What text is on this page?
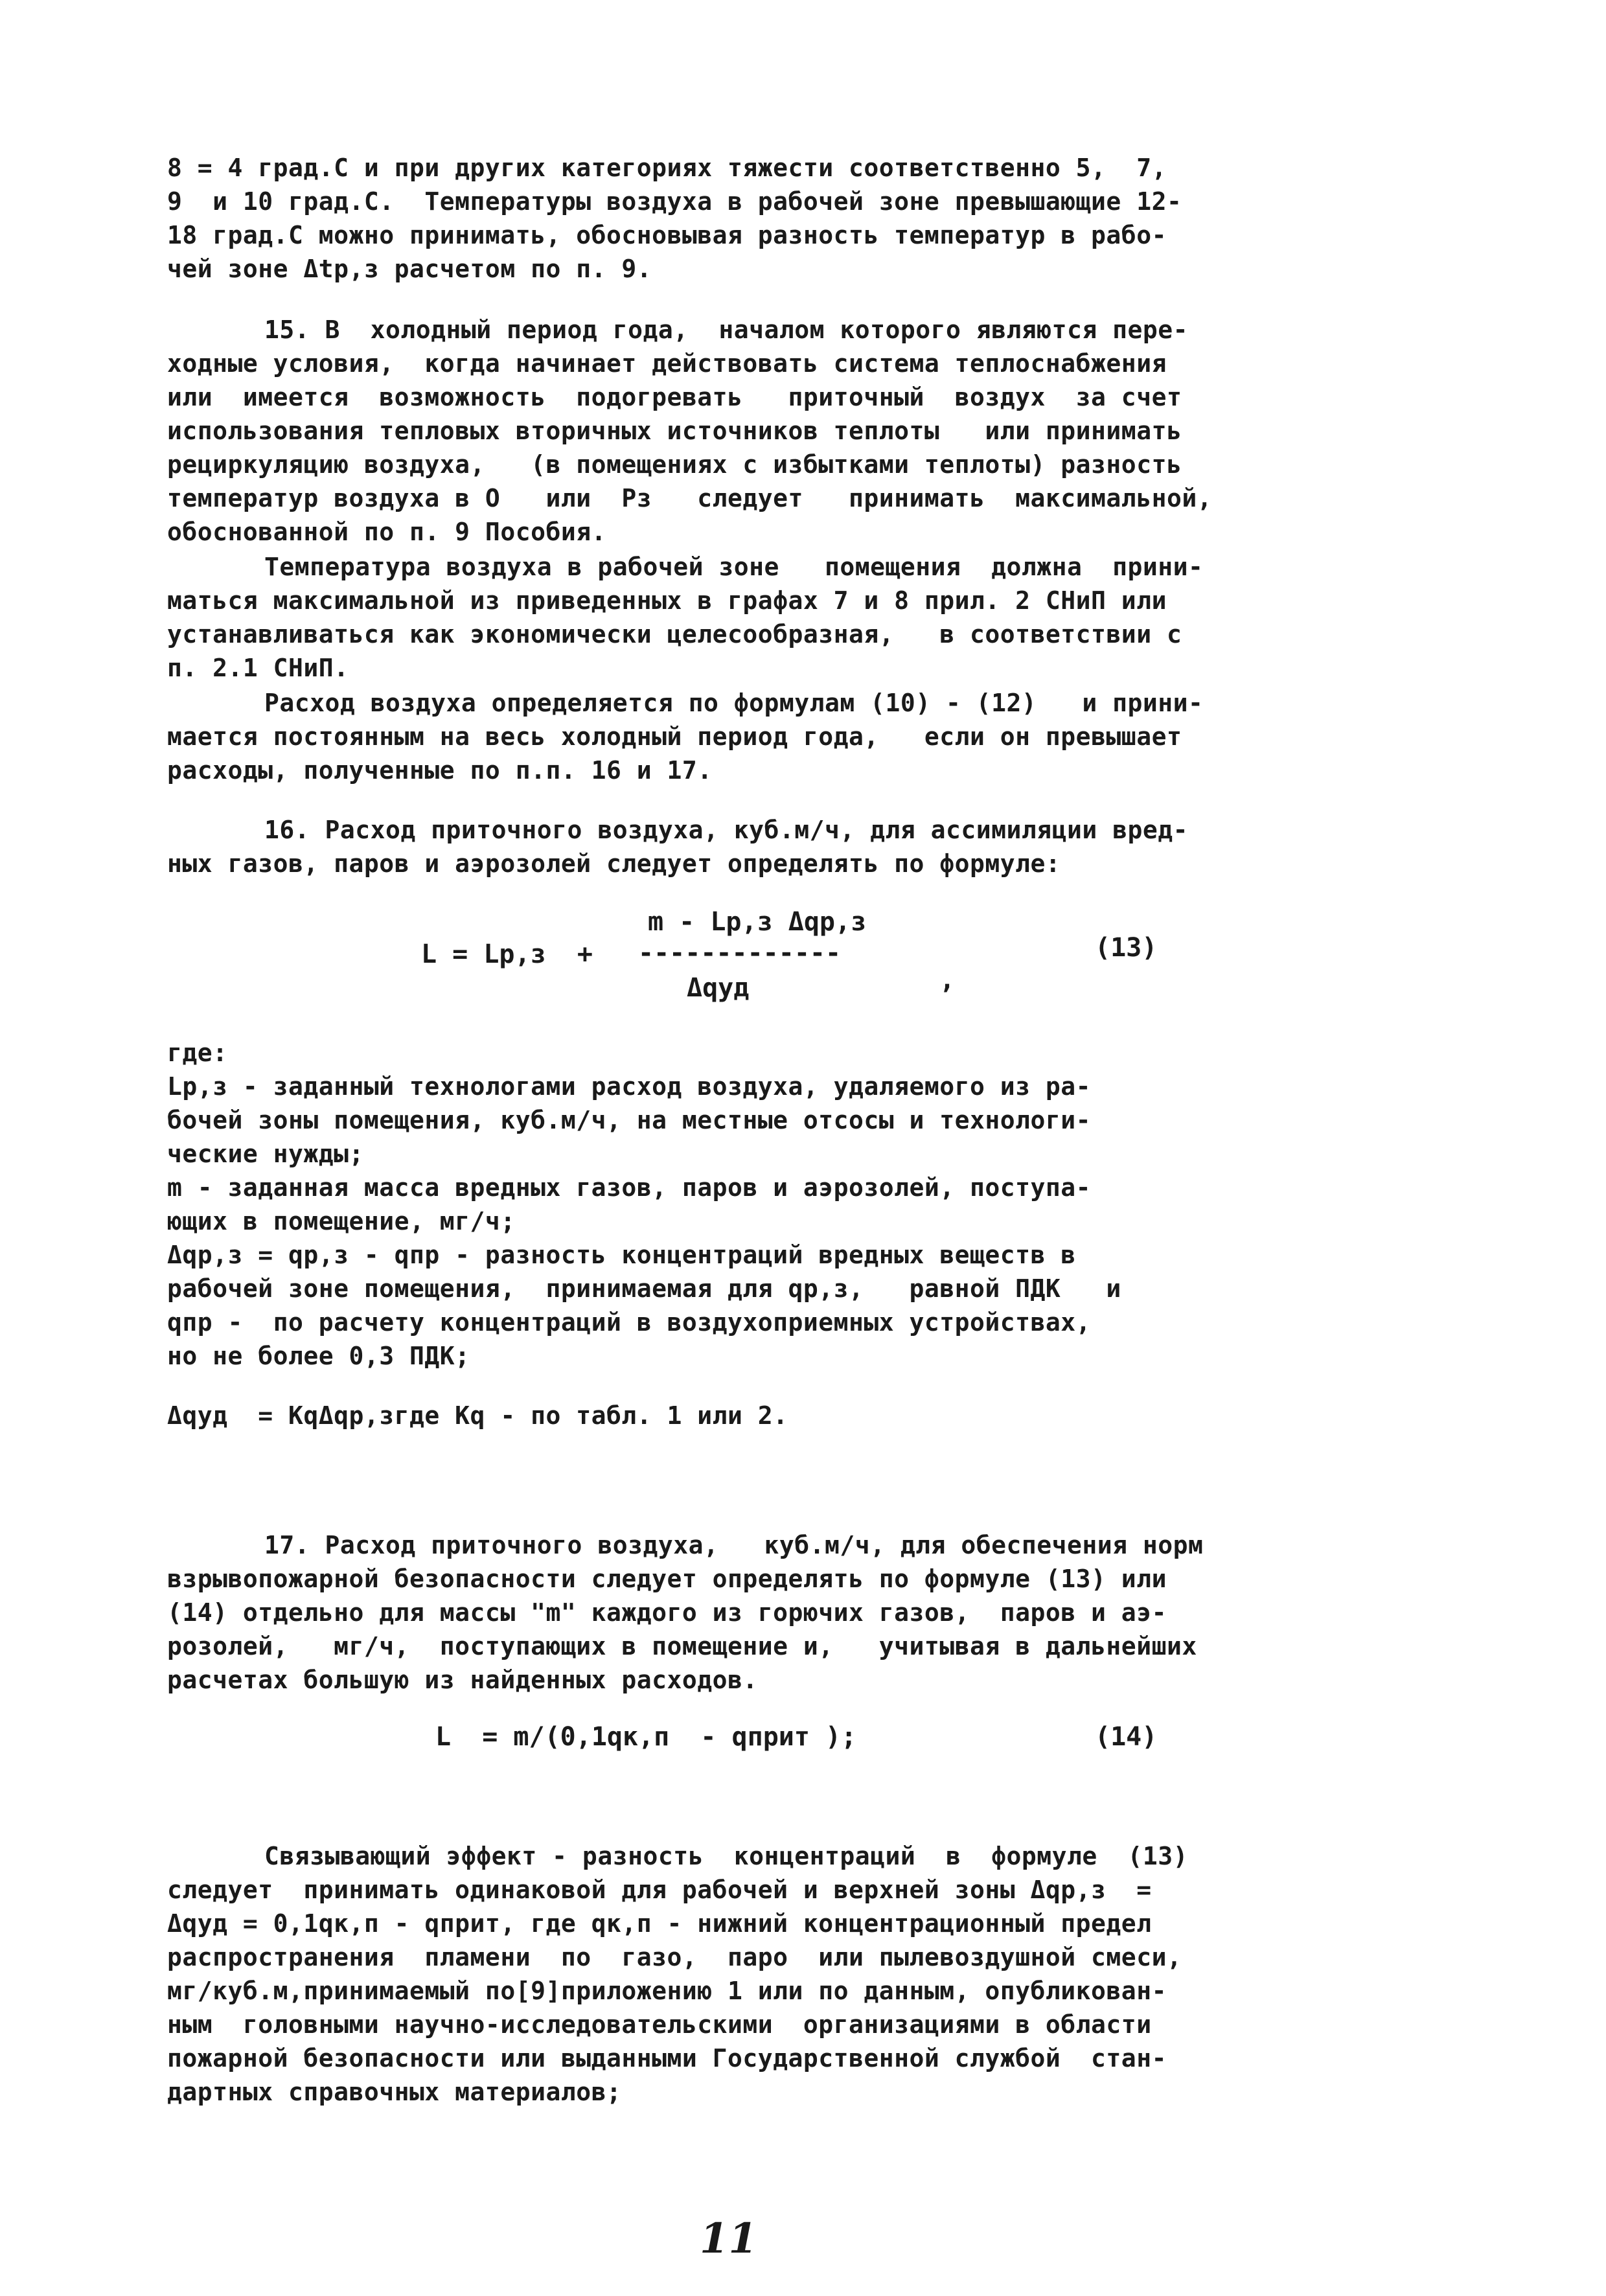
8 = 4 град.С и при других категориях тяжести соответственно 5,  7,
9  и 10 град.С.  Температуры воздуха в рабочей зоне превышающие 12-
18 град.С можно принимать, обосновывая разность температур в рабо-
чей зоне Δtр,з расчетом по п. 9.
15. В  холодный период года,  началом которого являются пере-
ходные условия,  когда начинает действовать система теплоснабжения
или  имеется  возможность  подогревать   приточный  воздух  за счет
использования тепловых вторичных источников теплоты   или принимать
рециркуляцию воздуха,   (в помещениях с избытками теплоты) разность
температур воздуха в О   или  Рз   следует   принимать  максимальной,
обоснованной по п. 9 Пособия.
Температура воздуха в рабочей зоне   помещения  должна  прини-
маться максимальной из приведенных в графах 7 и 8 прил. 2 СНиП или
устанавливаться как экономически целесообразная,   в соответствии с
п. 2.1 СНиП.
Расход воздуха определяется по формулам (10) - (12)   и прини-
мается постоянным на весь холодный период года,   если он превышает
расходы, полученные по п.п. 16 и 17.
16. Расход приточного воздуха, куб.м/ч, для ассимиляции вред-
ных газов, паров и аэрозолей следует определять по формуле:
m - Lр,з Δqр,з
L = Lр,з  + -------------
Δqуд	,
(13)
где:
Lр,з - заданный технологами расход воздуха, удаляемого из ра-
бочей зоны помещения, куб.м/ч, на местные отсосы и технологи-
ческие нужды;
m - заданная масса вредных газов, паров и аэрозолей, поступа-
ющих в помещение, мг/ч;
Δqр,з = qр,з - qпр - разность концентраций вредных веществ в
рабочей зоне помещения,  принимаемая для qр,з,   равной ПДК   и
qпр -  по расчету концентраций в воздухоприемных устройствах,
но не более 0,3 ПДК;
Δqуд  = KqΔqр,згде Kq - по табл. 1 или 2.
17. Расход приточного воздуха,   куб.м/ч, для обеспечения норм
взрывопожарной безопасности следует определять по формуле (13) или
(14) отдельно для массы "m" каждого из горючих газов,  паров и аэ-
розолей,   мг/ч,  поступающих в помещение и,   учитывая в дальнейших
расчетах большую из найденных расходов.
L  = m/(0,1qк,п  - qприт );	(14)
Связывающий эффект - разность  концентраций  в  формуле  (13)
следует  принимать одинаковой для рабочей и верхней зоны Δqр,з  =
Δqуд = 0,1qк,п - qприт, где qк,п - нижний концентрационный предел
распространения  пламени  по  газо,  паро  или пылевоздушной смеси,
мг/куб.м,принимаемый по[9]приложению 1 или по данным, опубликован-
ным  головными научно-исследовательскими  организациями в области
пожарной безопасности или выданными Государственной службой  стан-
дартных справочных материалов;
11
